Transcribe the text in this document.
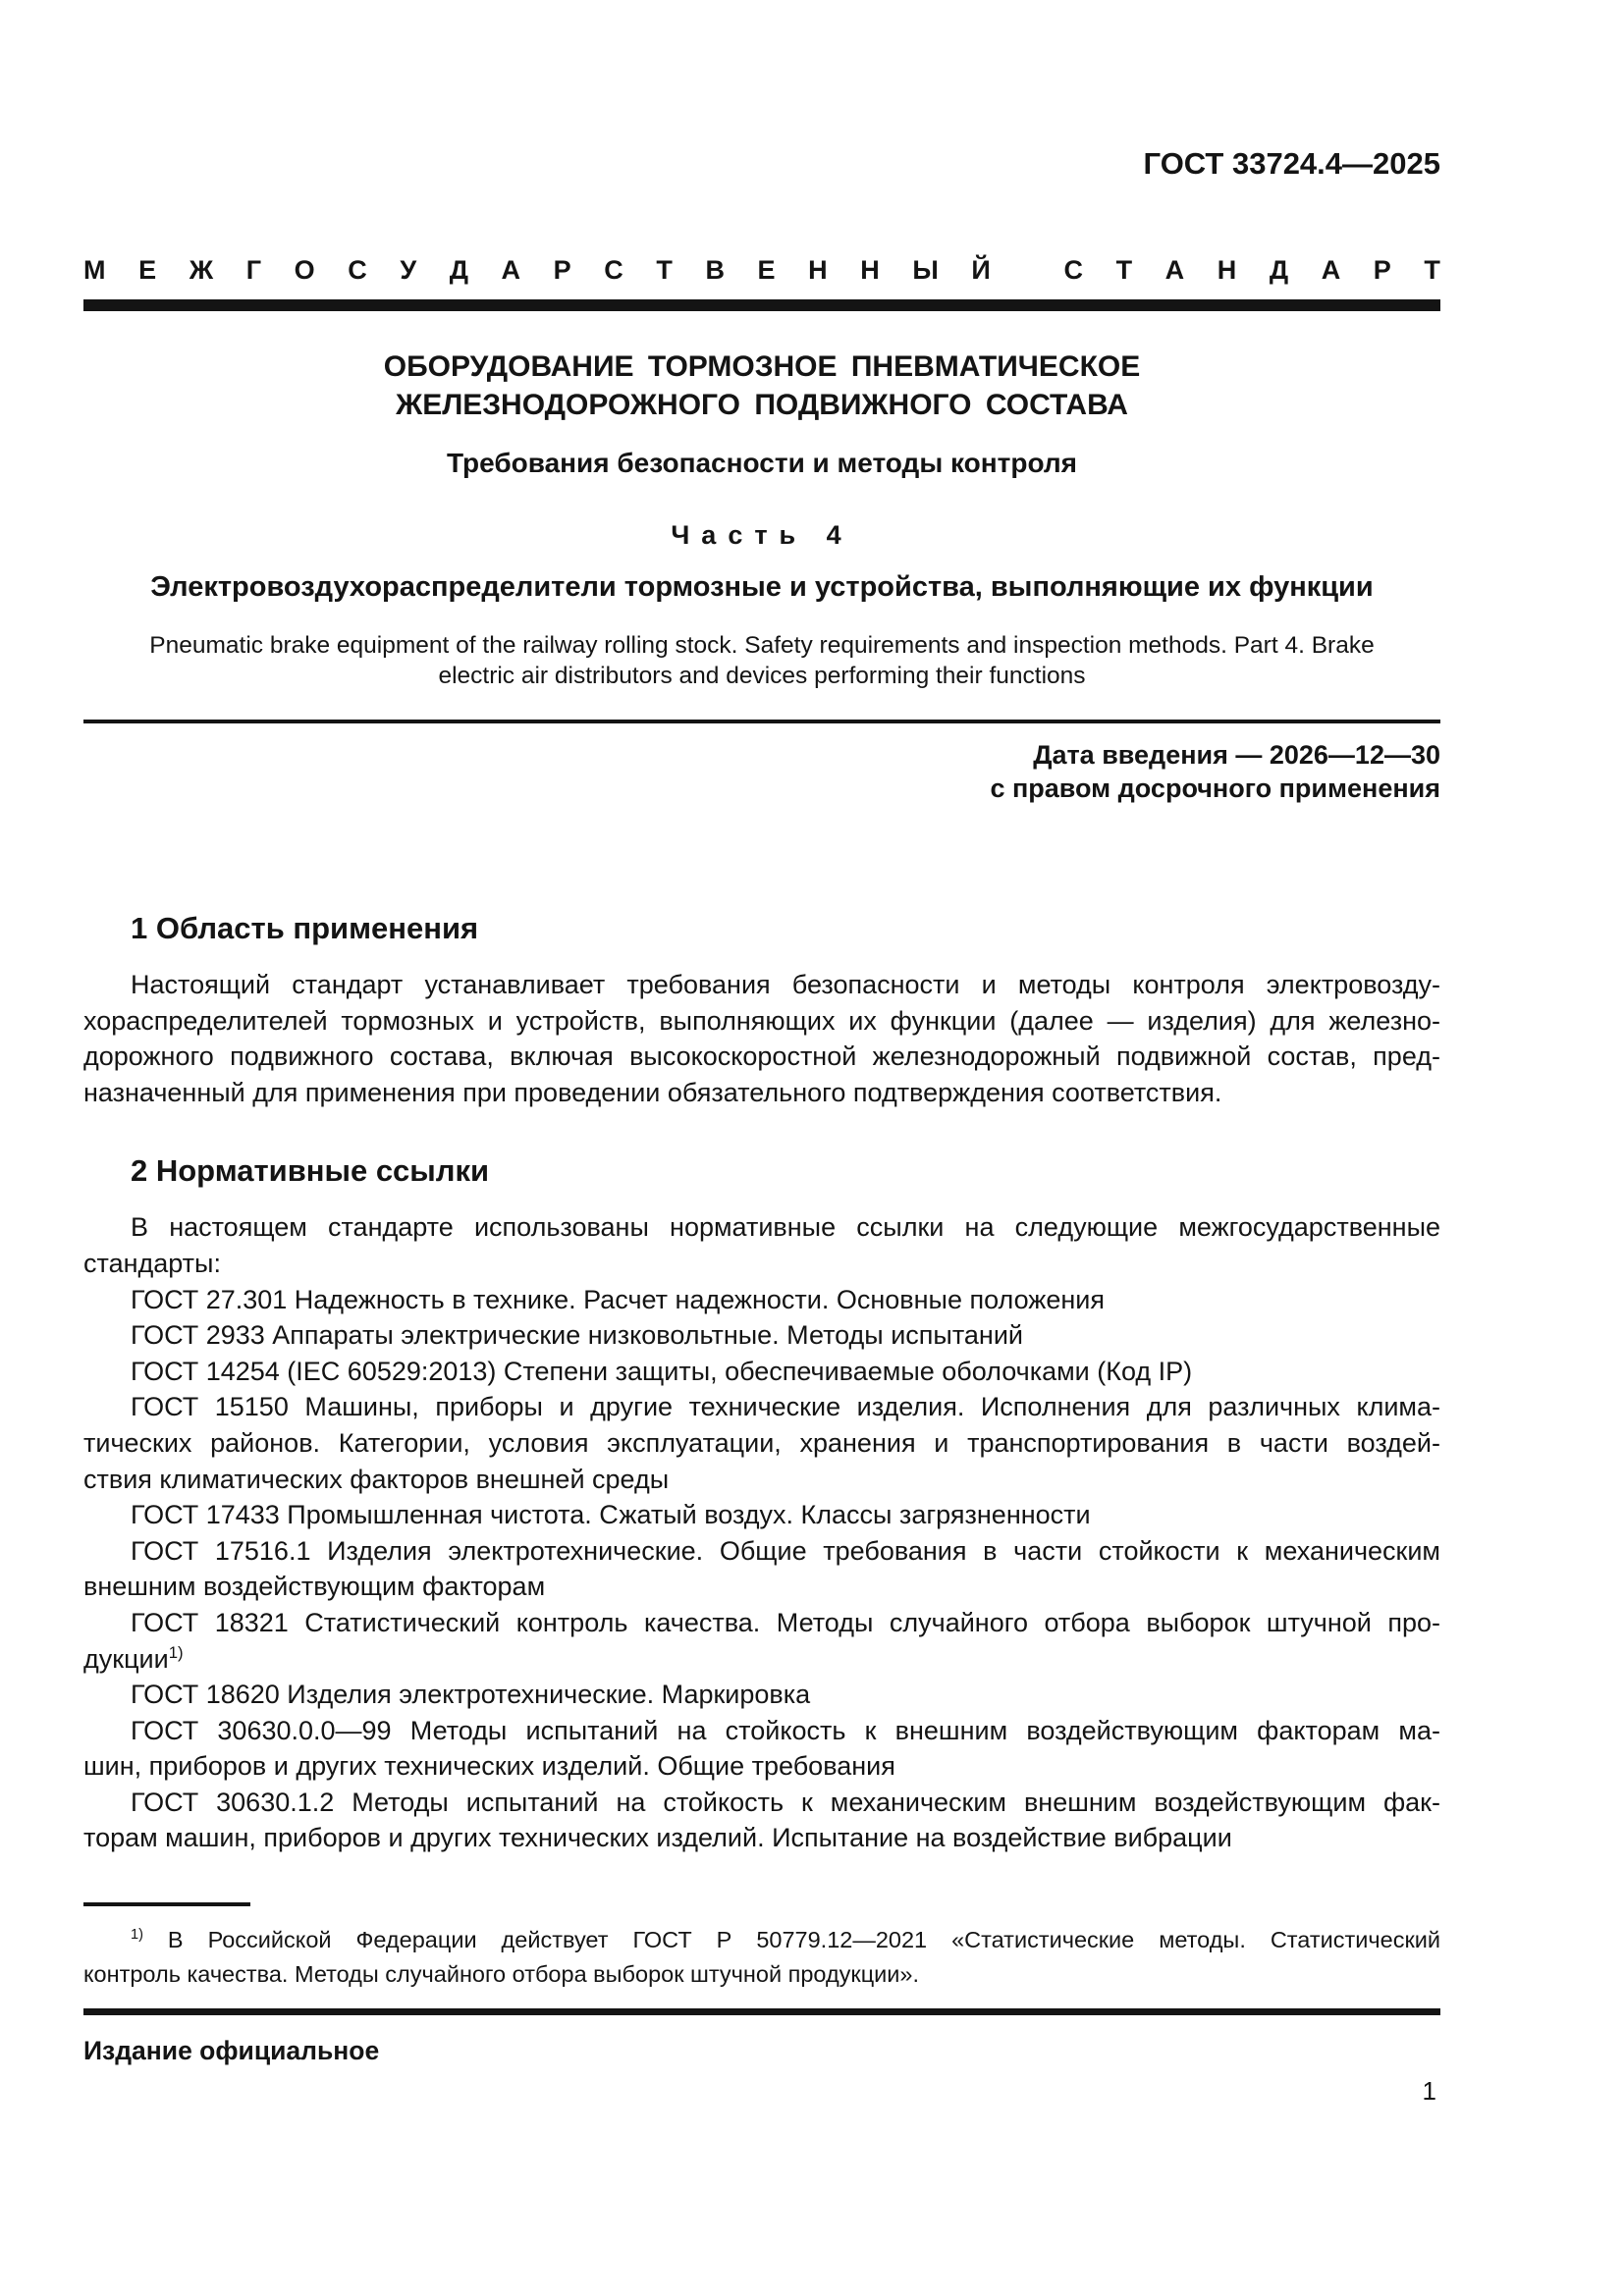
ГОСТ 33724.4—2025
М Е Ж Г О С У Д А Р С Т В Е Н Н Ы Й
	С Т А Н Д А Р Т
ОБОРУДОВАНИЕ ТОРМОЗНОЕ ПНЕВМАТИЧЕСКОЕ
ЖЕЛЕЗНОДОРОЖНОГО ПОДВИЖНОГО СОСТАВА
Требования безопасности и методы контроля
Часть 4
Электровоздухораспределители тормозные и устройства, выполняющие их функции
Pneumatic brake equipment of the railway rolling stock. Safety requirements and inspection methods. Part 4. Brake
electric air distributors and devices performing their functions
Дата введения — 2026—12—30
с правом досрочного применения
1 Область применения
Настоящий стандарт устанавливает требования безопасности и методы контроля электровозду-
хораспределителей тормозных и устройств, выполняющих их функции (далее — изделия) для железно-
дорожного подвижного состава, включая высокоскоростной железнодорожный подвижной состав, пред-
назначенный для применения при проведении обязательного подтверждения соответствия.
2 Нормативные ссылки
В настоящем стандарте использованы нормативные ссылки на следующие межгосударственные
стандарты:
ГОСТ 27.301 Надежность в технике. Расчет надежности. Основные положения
ГОСТ 2933 Аппараты электрические низковольтные. Методы испытаний
ГОСТ 14254 (IEC 60529:2013) Степени защиты, обеспечиваемые оболочками (Код IP)
ГОСТ 15150 Машины, приборы и другие технические изделия. Исполнения для различных клима-
тических районов. Категории, условия эксплуатации, хранения и транспортирования в части воздей-
ствия климатических факторов внешней среды
ГОСТ 17433 Промышленная чистота. Сжатый воздух. Классы загрязненности
ГОСТ 17516.1 Изделия электротехнические. Общие требования в части стойкости к механическим
внешним воздействующим факторам
ГОСТ 18321 Статистический контроль качества. Методы случайного отбора выборок штучной про-
дукции$^{1)}$
ГОСТ 18620 Изделия электротехнические. Маркировка
ГОСТ 30630.0.0—99 Методы испытаний на стойкость к внешним воздействующим факторам ма-
шин, приборов и других технических изделий. Общие требования
ГОСТ 30630.1.2 Методы испытаний на стойкость к механическим внешним воздействующим фак-
торам машин, приборов и других технических изделий. Испытание на воздействие вибрации
$^{1)}$ В Российской Федерации действует ГОСТ Р 50779.12—2021 «Статистические методы. Статистический
контроль качества. Методы случайного отбора выборок штучной продукции».
Издание официальное
1
